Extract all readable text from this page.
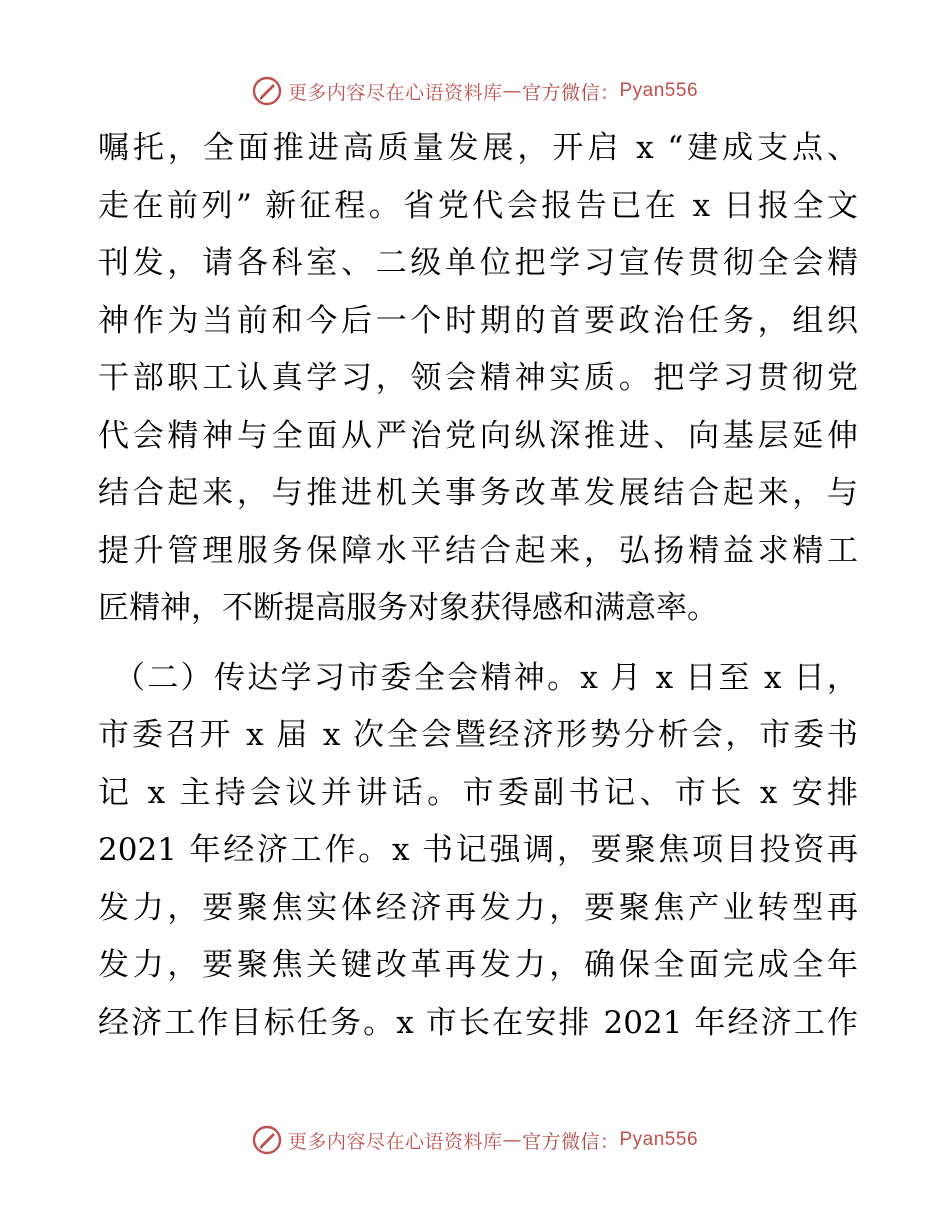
更多内容尽在心语资料库 — 官方微信： Pyan556
嘱托，全面推进高质量发展，开启 x “建成支点、
走在前列” 新征程。省党代会报告已在 x 日报全文
刊发，请各科室、二级单位把学习宣传贯彻全会精
神作为当前和今后一个时期的首要政治任务，组织
干部职工认真学习，领会精神实质。把学习贯彻党
代会精神与全面从严治党向纵深推进、向基层延伸
结合起来，与推进机关事务改革发展结合起来，与
提升管理服务保障水平结合起来，弘扬精益求精工
匠精神，不断提高服务对象获得感和满意率。
（二）传达学习市委全会精神。x 月 x 日至 x 日，
市委召开 x 届 x 次全会暨经济形势分析会，市委书
记 x 主持会议并讲话。市委副书记、市长 x 安排
2021 年经济工作。x 书记强调，要聚焦项目投资再
发力，要聚焦实体经济再发力，要聚焦产业转型再
发力，要聚焦关键改革再发力，确保全面完成全年
经济工作目标任务。x 市长在安排 2021 年经济工作
更多内容尽在心语资料库 — 官方微信： Pyan556
